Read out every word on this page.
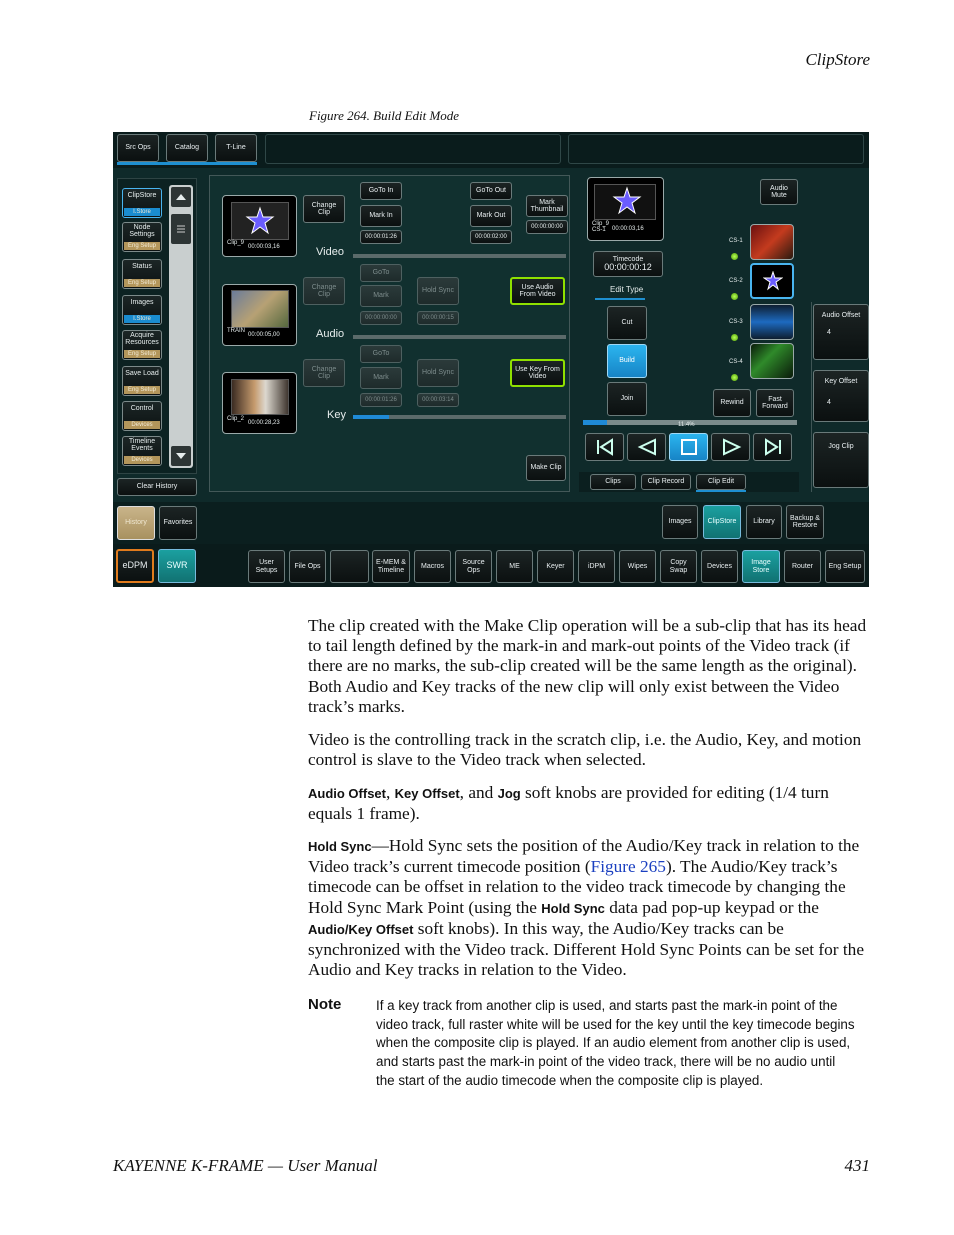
ClipStore
Figure 264. Build Edit Mode
Src Ops	Catalog	T-Line
ClipStore
I.Store
Node Settings
Eng Setup
Status
Eng Setup
Images
I.Store
Acquire Resources
Eng Setup
Save Load
Eng Setup
Control
Devices
Timeline Events
Devices
Clear History
History	Favorites
Clip_9
00:00:03,16
Change Clip
Video
GoTo In
Mark In
00:00:01:26
GoTo Out
Mark Out
00:00:02:00
Mark Thumbnail
00:00:00:00
TRAIN
00:00:05,00
Change Clip
Audio
GoTo
Mark
00:00:00:00
Hold Sync
00:00:00:15
Use Audio From Video
Clip_2
00:00:28,23
Change Clip
Key
GoTo
Mark
00:00:01:26
Hold Sync
00:00:03:14
Use Key From Video
Make Clip
Clip_9 CS-1	00:00:03,16
Timecode
00:00:00:12
Edit Type
Cut
Build
Join
Audio Mute
CS-1
CS-2
CS-3
CS-4
Rewind
Fast Forward
11.4%
Clips	Clip Record	Clip Edit
Audio Offset
4
Key Offset
4
Jog Clip
Images	ClipStore	Library
Backup & Restore
eDPM	SWR	User Setups
File Ops
E-MEM & Timeline
Macros
Source Ops
ME	Keyer	iDPM	Wipes
Copy Swap
Devices
Image Store
Router	Eng Setup

The clip created with the Make Clip operation will be a sub-clip that has its head to tail length defined by the mark-in and mark-out points of the Video track (if there are no marks, the sub-clip created will be the same length as the original). Both Audio and Key tracks of the new clip will only exist between the Video track’s marks.

Video is the controlling track in the scratch clip, i.e. the Audio, Key, and motion control is slave to the Video track when selected.

Audio Offset, Key Offset, and Jog soft knobs are provided for editing (1/4 turn equals 1 frame).

Hold Sync—Hold Sync sets the position of the Audio/Key track in relation to the Video track’s current timecode position (Figure 265). The Audio/Key track’s timecode can be offset in relation to the video track timecode by changing the Hold Sync Mark Point (using the Hold Sync data pad pop-up keypad or the Audio/Key Offset soft knobs). In this way, the Audio/Key tracks can be synchronized with the Video track. Different Hold Sync Points can be set for the Audio and Key tracks in relation to the Video.

Note	If a key track from another clip is used, and starts past the mark-in point of the video track, full raster white will be used for the key until the key timecode begins when the composite clip is played. If an audio element from another clip is used, and starts past the mark-in point of the video track, there will be no audio until the start of the audio timecode when the composite clip is played.
KAYENNE K-FRAME — User Manual	431
